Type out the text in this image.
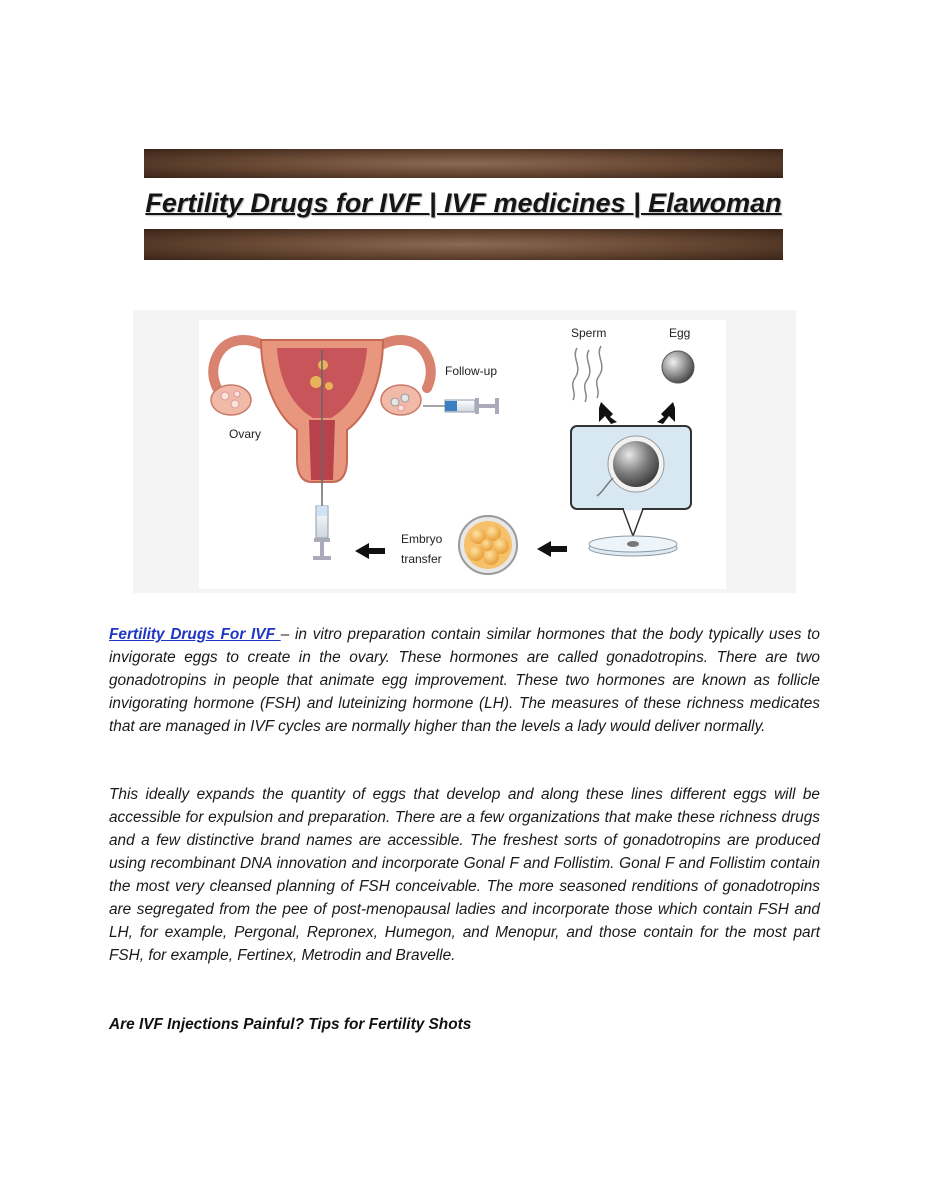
Fertility Drugs for IVF | IVF medicines | Elawoman
Sperm	Egg
Follow-up
Ovary
Embryo
transfer

Fertility Drugs For IVF – in vitro preparation contain similar hormones that the body typically uses to invigorate eggs to create in the ovary. These hormones are called gonadotropins. There are two gonadotropins in people that animate egg improvement. These two hormones are known as follicle invigorating hormone (FSH) and luteinizing hormone (LH). The measures of these richness medicates that are managed in IVF cycles are normally higher than the levels a lady would deliver normally.

This ideally expands the quantity of eggs that develop and along these lines different eggs will be accessible for expulsion and preparation. There are a few organizations that make these richness drugs and a few distinctive brand names are accessible. The freshest sorts of gonadotropins are produced using recombinant DNA innovation and incorporate Gonal F and Follistim. Gonal F and Follistim contain the most very cleansed planning of FSH conceivable. The more seasoned renditions of gonadotropins are segregated from the pee of post-menopausal ladies and incorporate those which contain FSH and LH, for example, Pergonal, Repronex, Humegon, and Menopur, and those contain for the most part FSH, for example, Fertinex, Metrodin and Bravelle.

Are IVF Injections Painful? Tips for Fertility Shots
